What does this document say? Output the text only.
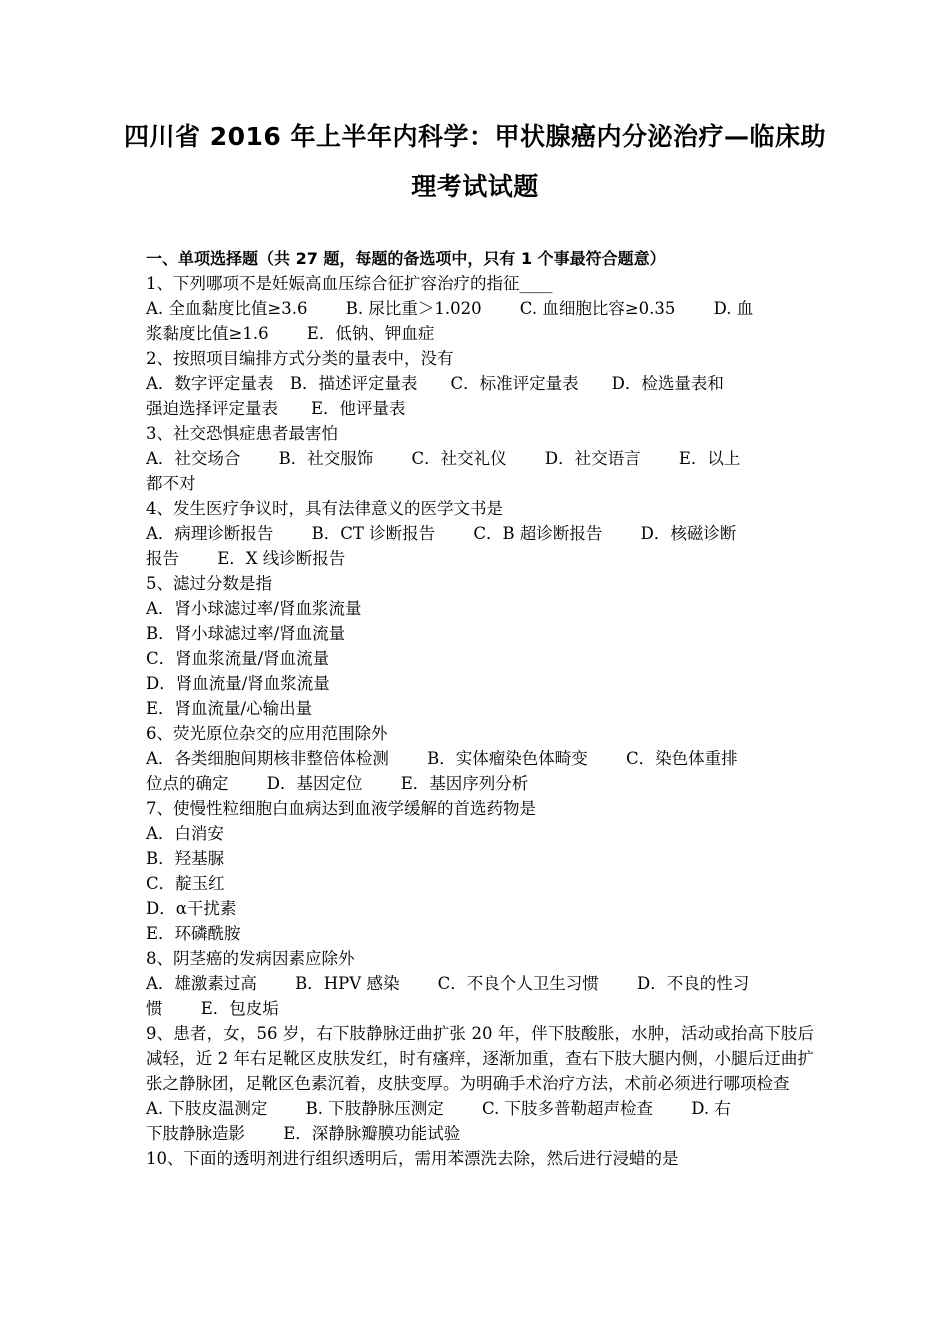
四川省 2016 年上半年内科学：甲状腺癌内分泌治疗—临床助理考试试题
一、单项选择题（共 27 题，每题的备选项中，只有 1 个事最符合题意）
1、下列哪项不是妊娠高血压综合征扩容治疗的指征____
A. 全血黏度比值≥3.6　　 B. 尿比重＞1.020　　 C. 血细胞比容≥0.35　　 D. 血
浆黏度比值≥1.6　　 E．低钠、钾血症
2、按照项目编排方式分类的量表中，没有
A．数字评定量表　B．描述评定量表　　C．标准评定量表　　D．检选量表和
强迫选择评定量表　　E．他评量表
3、社交恐惧症患者最害怕
A．社交场合　　 B．社交服饰　　 C．社交礼仪　　 D．社交语言　　 E．以上
都不对
4、发生医疗争议时，具有法律意义的医学文书是
A．病理诊断报告　　 B．CT 诊断报告　　 C．B 超诊断报告　　 D．核磁诊断
报告　　 E．X 线诊断报告
5、滤过分数是指
A．肾小球滤过率/肾血浆流量
B．肾小球滤过率/肾血流量
C．肾血浆流量/肾血流量
D．肾血流量/肾血浆流量
E．肾血流量/心输出量
6、荧光原位杂交的应用范围除外
A．各类细胞间期核非整倍体检测　　 B．实体瘤染色体畸变　　 C．染色体重排
位点的确定　　 D．基因定位　　 E．基因序列分析
7、使慢性粒细胞白血病达到血液学缓解的首选药物是
A．白消安
B．羟基脲
C．靛玉红
D．α干扰素
E．环磷酰胺
8、阴茎癌的发病因素应除外
A．雄激素过高　　 B．HPV 感染　　 C．不良个人卫生习惯　　 D．不良的性习
惯　　 E．包皮垢
9、患者，女，56 岁，右下肢静脉迂曲扩张 20 年，伴下肢酸胀，水肿，活动或抬高下肢后减轻，近 2 年右足靴区皮肤发红，时有瘙痒，逐渐加重，查右下肢大腿内侧，小腿后迂曲扩张之静脉团，足靴区色素沉着，皮肤变厚。为明确手术治疗方法，术前必须进行哪项检查
A. 下肢皮温测定　　 B. 下肢静脉压测定　　 C. 下肢多普勒超声检查　　 D. 右
下肢静脉造影　　 E．深静脉瓣膜功能试验
10、下面的透明剂进行组织透明后，需用苯漂洗去除，然后进行浸蜡的是
